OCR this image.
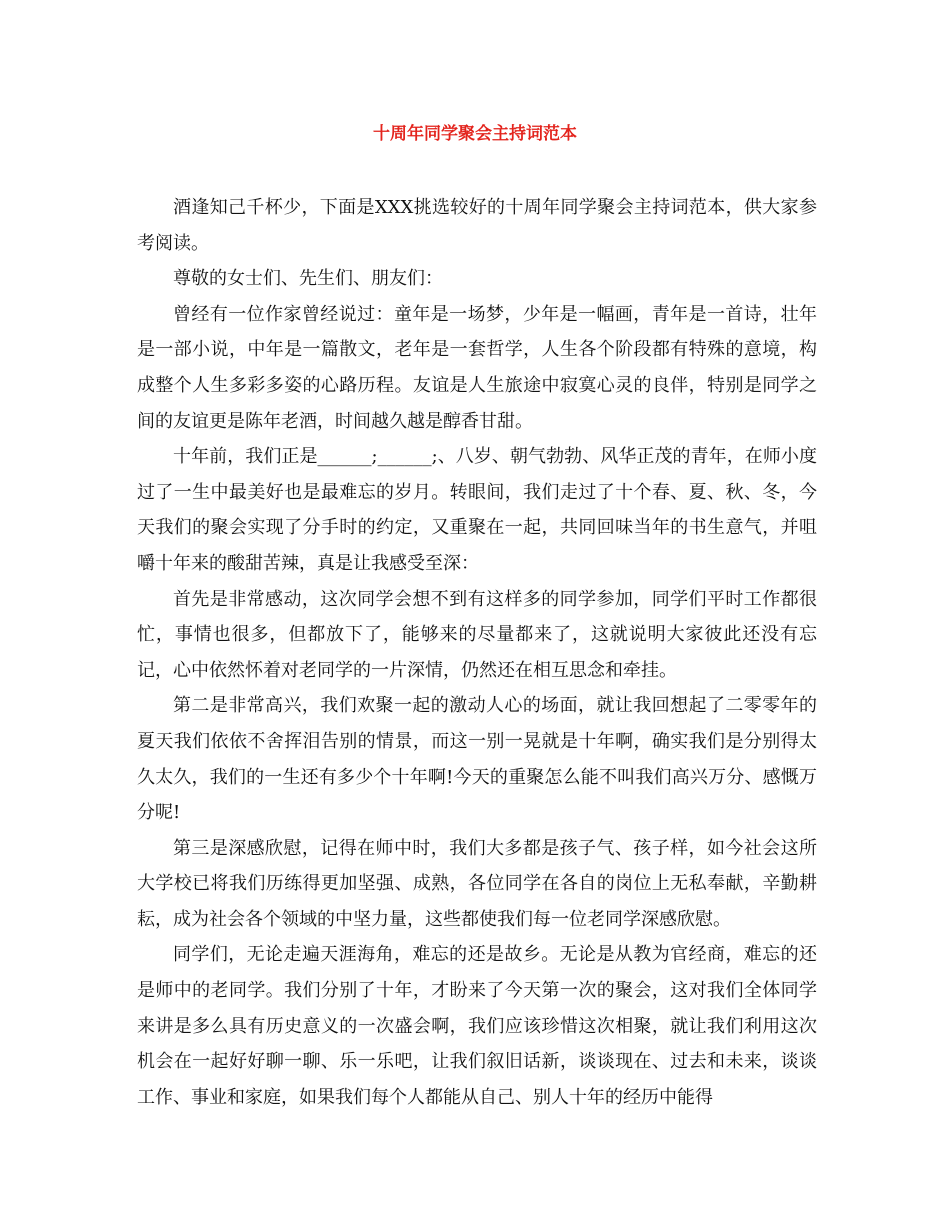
十周年同学聚会主持词范本

酒逢知己千杯少，下面是XXX挑选较好的十周年同学聚会主持词范本，供大家参考阅读。

尊敬的女士们、先生们、朋友们：

曾经有一位作家曾经说过：童年是一场梦，少年是一幅画，青年是一首诗，壮年是一部小说，中年是一篇散文，老年是一套哲学，人生各个阶段都有特殊的意境，构成整个人生多彩多姿的心路历程。友谊是人生旅途中寂寞心灵的良伴，特别是同学之间的友谊更是陈年老酒，时间越久越是醇香甘甜。

十年前，我们正是______;______;、八岁、朝气勃勃、风华正茂的青年，在师小度过了一生中最美好也是最难忘的岁月。转眼间，我们走过了十个春、夏、秋、冬，今天我们的聚会实现了分手时的约定，又重聚在一起，共同回味当年的书生意气，并咀嚼十年来的酸甜苦辣，真是让我感受至深：

首先是非常感动，这次同学会想不到有这样多的同学参加，同学们平时工作都很忙，事情也很多，但都放下了，能够来的尽量都来了，这就说明大家彼此还没有忘记，心中依然怀着对老同学的一片深情，仍然还在相互思念和牵挂。

第二是非常高兴，我们欢聚一起的激动人心的场面，就让我回想起了二零零年的夏天我们依依不舍挥泪告别的情景，而这一别一晃就是十年啊，确实我们是分别得太久太久，我们的一生还有多少个十年啊!今天的重聚怎么能不叫我们高兴万分、感慨万分呢!

第三是深感欣慰，记得在师中时，我们大多都是孩子气、孩子样，如今社会这所大学校已将我们历练得更加坚强、成熟，各位同学在各自的岗位上无私奉献，辛勤耕耘，成为社会各个领域的中坚力量，这些都使我们每一位老同学深感欣慰。

同学们，无论走遍天涯海角，难忘的还是故乡。无论是从教为官经商，难忘的还是师中的老同学。我们分别了十年，才盼来了今天第一次的聚会，这对我们全体同学来讲是多么具有历史意义的一次盛会啊，我们应该珍惜这次相聚，就让我们利用这次机会在一起好好聊一聊、乐一乐吧，让我们叙旧话新，谈谈现在、过去和未来，谈谈工作、事业和家庭，如果我们每个人都能从自己、别人十年的经历中能得
